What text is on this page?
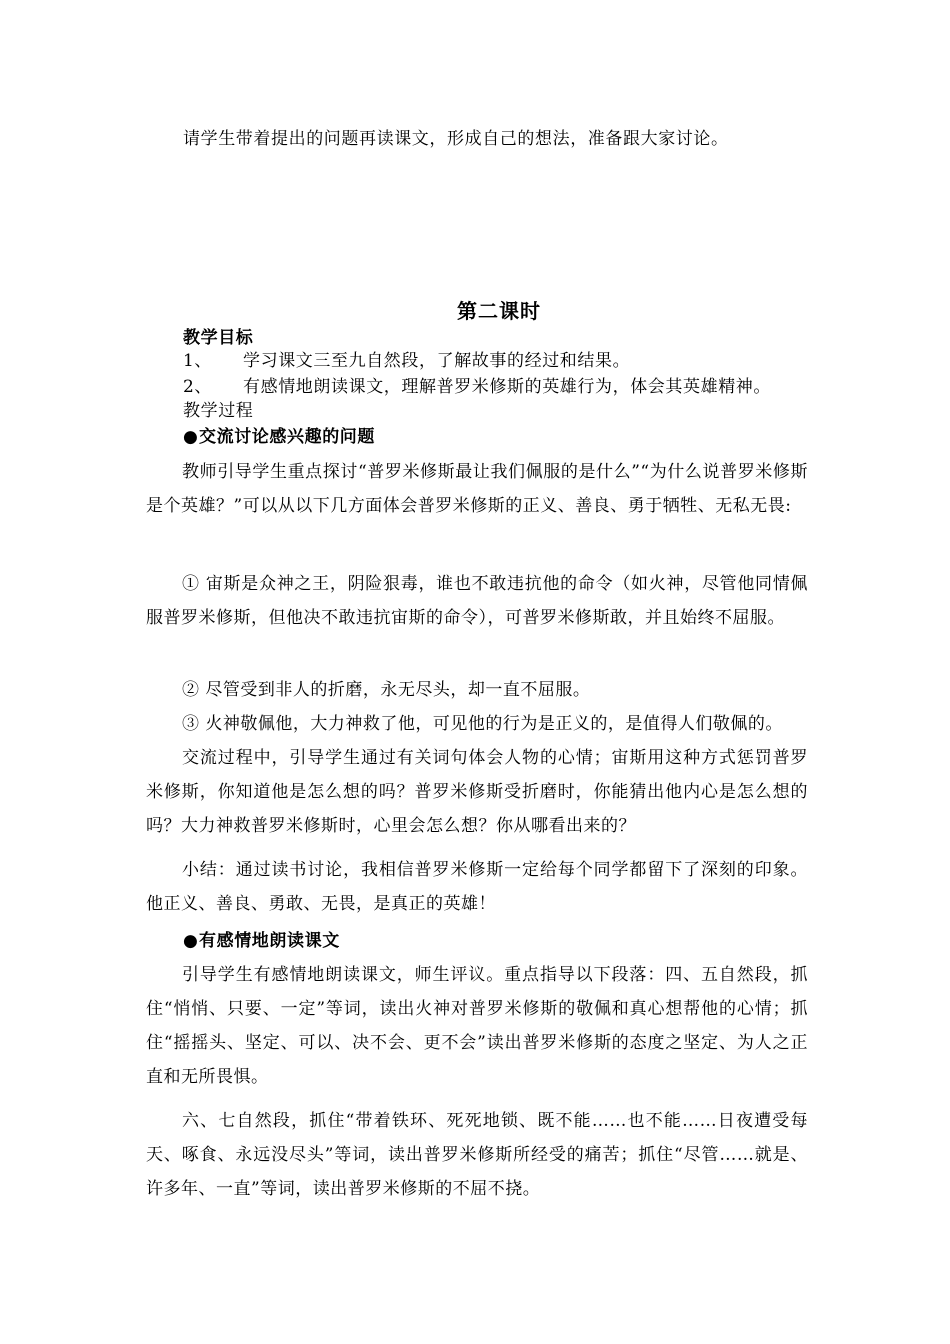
请学生带着提出的问题再读课文，形成自己的想法，准备跟大家讨论。
第二课时
教学目标
1、 学习课文三至九自然段，了解故事的经过和结果。
2、 有感情地朗读课文，理解普罗米修斯的英雄行为，体会其英雄精神。
教学过程
●交流讨论感兴趣的问题
教师引导学生重点探讨“普罗米修斯最让我们佩服的是什么”“为什么说普罗米修斯是个英雄？”可以从以下几方面体会普罗米修斯的正义、善良、勇于牺牲、无私无畏:
① 宙斯是众神之王，阴险狠毒，谁也不敢违抗他的命令（如火神，尽管他同情佩服普罗米修斯，但他决不敢违抗宙斯的命令），可普罗米修斯敢，并且始终不屈服。
② 尽管受到非人的折磨，永无尽头，却一直不屈服。
③ 火神敬佩他，大力神救了他，可见他的行为是正义的，是值得人们敬佩的。
交流过程中，引导学生通过有关词句体会人物的心情；宙斯用这种方式惩罚普罗米修斯，你知道他是怎么想的吗？普罗米修斯受折磨时，你能猜出他内心是怎么想的吗？大力神救普罗米修斯时，心里会怎么想？你从哪看出来的？
小结：通过读书讨论，我相信普罗米修斯一定给每个同学都留下了深刻的印象。他正义、善良、勇敢、无畏，是真正的英雄！
●有感情地朗读课文
引导学生有感情地朗读课文，师生评议。重点指导以下段落：四、五自然段，抓住“悄悄、只要、一定”等词，读出火神对普罗米修斯的敬佩和真心想帮他的心情；抓住“摇摇头、坚定、可以、决不会、更不会”读出普罗米修斯的态度之坚定、为人之正直和无所畏惧。
六、七自然段，抓住“带着铁环、死死地锁、既不能……也不能……日夜遭受每天、啄食、永远没尽头”等词，读出普罗米修斯所经受的痛苦；抓住“尽管……就是、许多年、一直”等词，读出普罗米修斯的不屈不挠。
